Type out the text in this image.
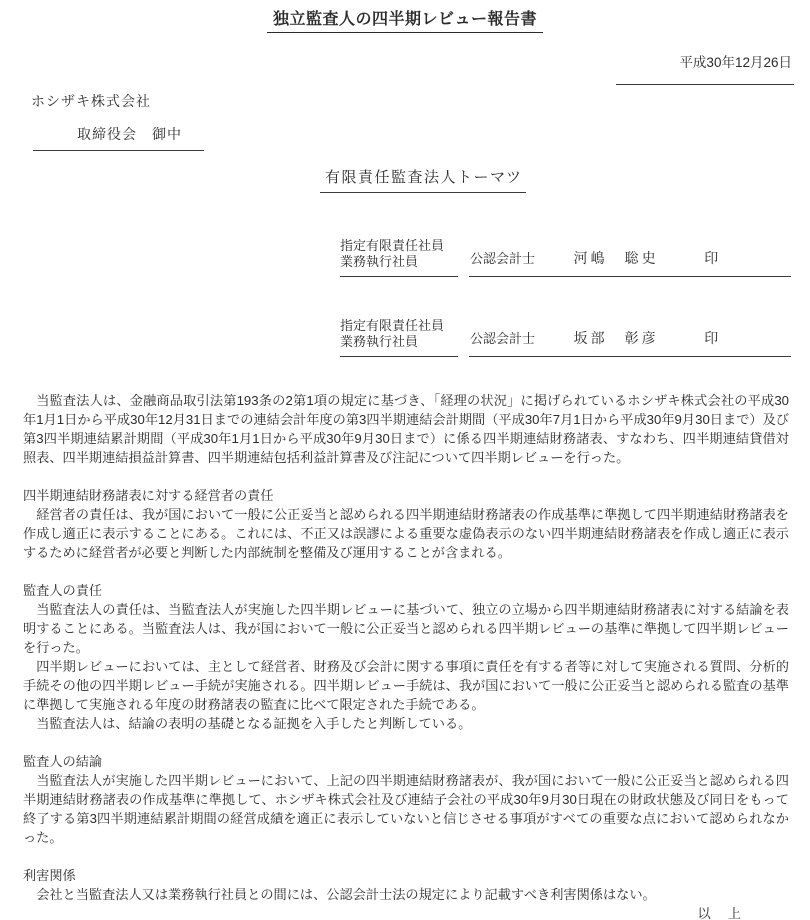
独立監査人の四半期レビュー報告書
平成30年12月26日
ホシザキ株式会社
取締役会　御中
有限責任監査法人トーマツ
指定有限責任社員
業務執行社員	公認会計士	河嶋　聡史	印
指定有限責任社員
業務執行社員	公認会計士	坂部　彰彦	印

当監査法人は、金融商品取引法第193条の2第1項の規定に基づき、「経理の状況」に掲げられているホシザキ株式会社の平成30年1月1日から平成30年12月31日までの連結会計年度の第3四半期連結会計期間（平成30年7月1日から平成30年9月30日まで）及び第3四半期連結累計期間（平成30年1月1日から平成30年9月30日まで）に係る四半期連結財務諸表、すなわち、四半期連結貸借対照表、四半期連結損益計算書、四半期連結包括利益計算書及び注記について四半期レビューを行った。

四半期連結財務諸表に対する経営者の責任

経営者の責任は、我が国において一般に公正妥当と認められる四半期連結財務諸表の作成基準に準拠して四半期連結財務諸表を作成し適正に表示することにある。これには、不正又は誤謬による重要な虚偽表示のない四半期連結財務諸表を作成し適正に表示するために経営者が必要と判断した内部統制を整備及び運用することが含まれる。

監査人の責任

当監査法人の責任は、当監査法人が実施した四半期レビューに基づいて、独立の立場から四半期連結財務諸表に対する結論を表明することにある。当監査法人は、我が国において一般に公正妥当と認められる四半期レビューの基準に準拠して四半期レビューを行った。

四半期レビューにおいては、主として経営者、財務及び会計に関する事項に責任を有する者等に対して実施される質問、分析的手続その他の四半期レビュー手続が実施される。四半期レビュー手続は、我が国において一般に公正妥当と認められる監査の基準に準拠して実施される年度の財務諸表の監査に比べて限定された手続である。

当監査法人は、結論の表明の基礎となる証拠を入手したと判断している。

監査人の結論

当監査法人が実施した四半期レビューにおいて、上記の四半期連結財務諸表が、我が国において一般に公正妥当と認められる四半期連結財務諸表の作成基準に準拠して、ホシザキ株式会社及び連結子会社の平成30年9月30日現在の財政状態及び同日をもって終了する第3四半期連結累計期間の経営成績を適正に表示していないと信じさせる事項がすべての重要な点において認められなかった。

利害関係

会社と当監査法人又は業務執行社員との間には、公認会計士法の規定により記載すべき利害関係はない。

以　上
